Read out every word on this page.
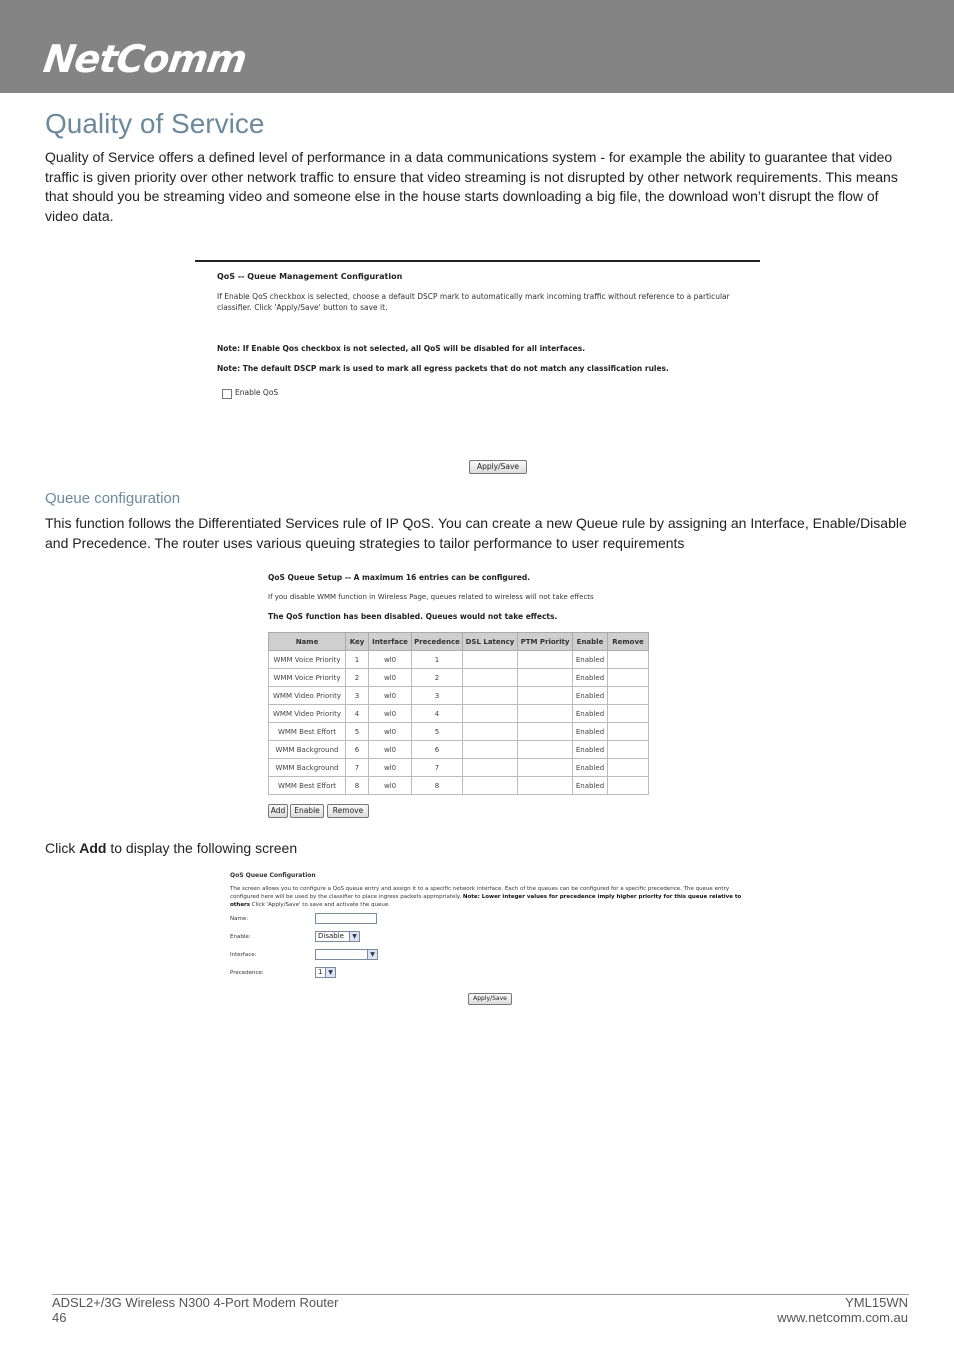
NetComm
Quality of Service

Quality of Service offers a defined level of performance in a data communications system - for example the ability to guarantee that video traffic is given priority over other network traffic to ensure that video streaming is not disrupted by other network requirements. This means that should you be streaming video and someone else in the house starts downloading a big file, the download won’t disrupt the flow of video data.

QoS -- Queue Management Configuration
If Enable QoS checkbox is selected, choose a default DSCP mark to automatically mark incoming traffic without reference to a particular classifier. Click 'Apply/Save' button to save it.
Note: If Enable Qos checkbox is not selected, all QoS will be disabled for all interfaces.
Note: The default DSCP mark is used to mark all egress packets that do not match any classification rules.
Enable QoS
Apply/Save
Queue configuration

This function follows the Differentiated Services rule of IP QoS. You can create a new Queue rule by assigning an Interface, Enable/Disable and Precedence. The router uses various queuing strategies to tailor performance to user requirements

QoS Queue Setup -- A maximum 16 entries can be configured.
If you disable WMM function in Wireless Page, queues related to wireless will not take effects
The QoS function has been disabled. Queues would not take effects.
Name	Key	Interface	Precedence	DSL Latency	PTM Priority	Enable	Remove
WMM Voice Priority	1	wl0	1			Enabled	
WMM Voice Priority	2	wl0	2			Enabled	
WMM Video Priority	3	wl0	3			Enabled	
WMM Video Priority	4	wl0	4			Enabled	
WMM Best Effort	5	wl0	5			Enabled	
WMM Background	6	wl0	6			Enabled	
WMM Background	7	wl0	7			Enabled	
WMM Best Effort	8	wl0	8			Enabled	
Add	Enable	Remove
Click Add to display the following screen
QoS Queue Configuration
The screen allows you to configure a QoS queue entry and assign it to a specific network interface. Each of the queues can be configured for a specific precedence. The queue entry configured here will be used by the classifier to place ingress packets appropriately. Note: Lower integer values for precedence imply higher priority for this queue relative to others Click 'Apply/Save' to save and activate the queue.
Name:
Enable:	Disable	▼
Interface:	▼
Precedence:	1 ▼
Apply/Save
ADSL2+/3G Wireless N300 4-Port Modem Router
46
YML15WN
www.netcomm.com.au
